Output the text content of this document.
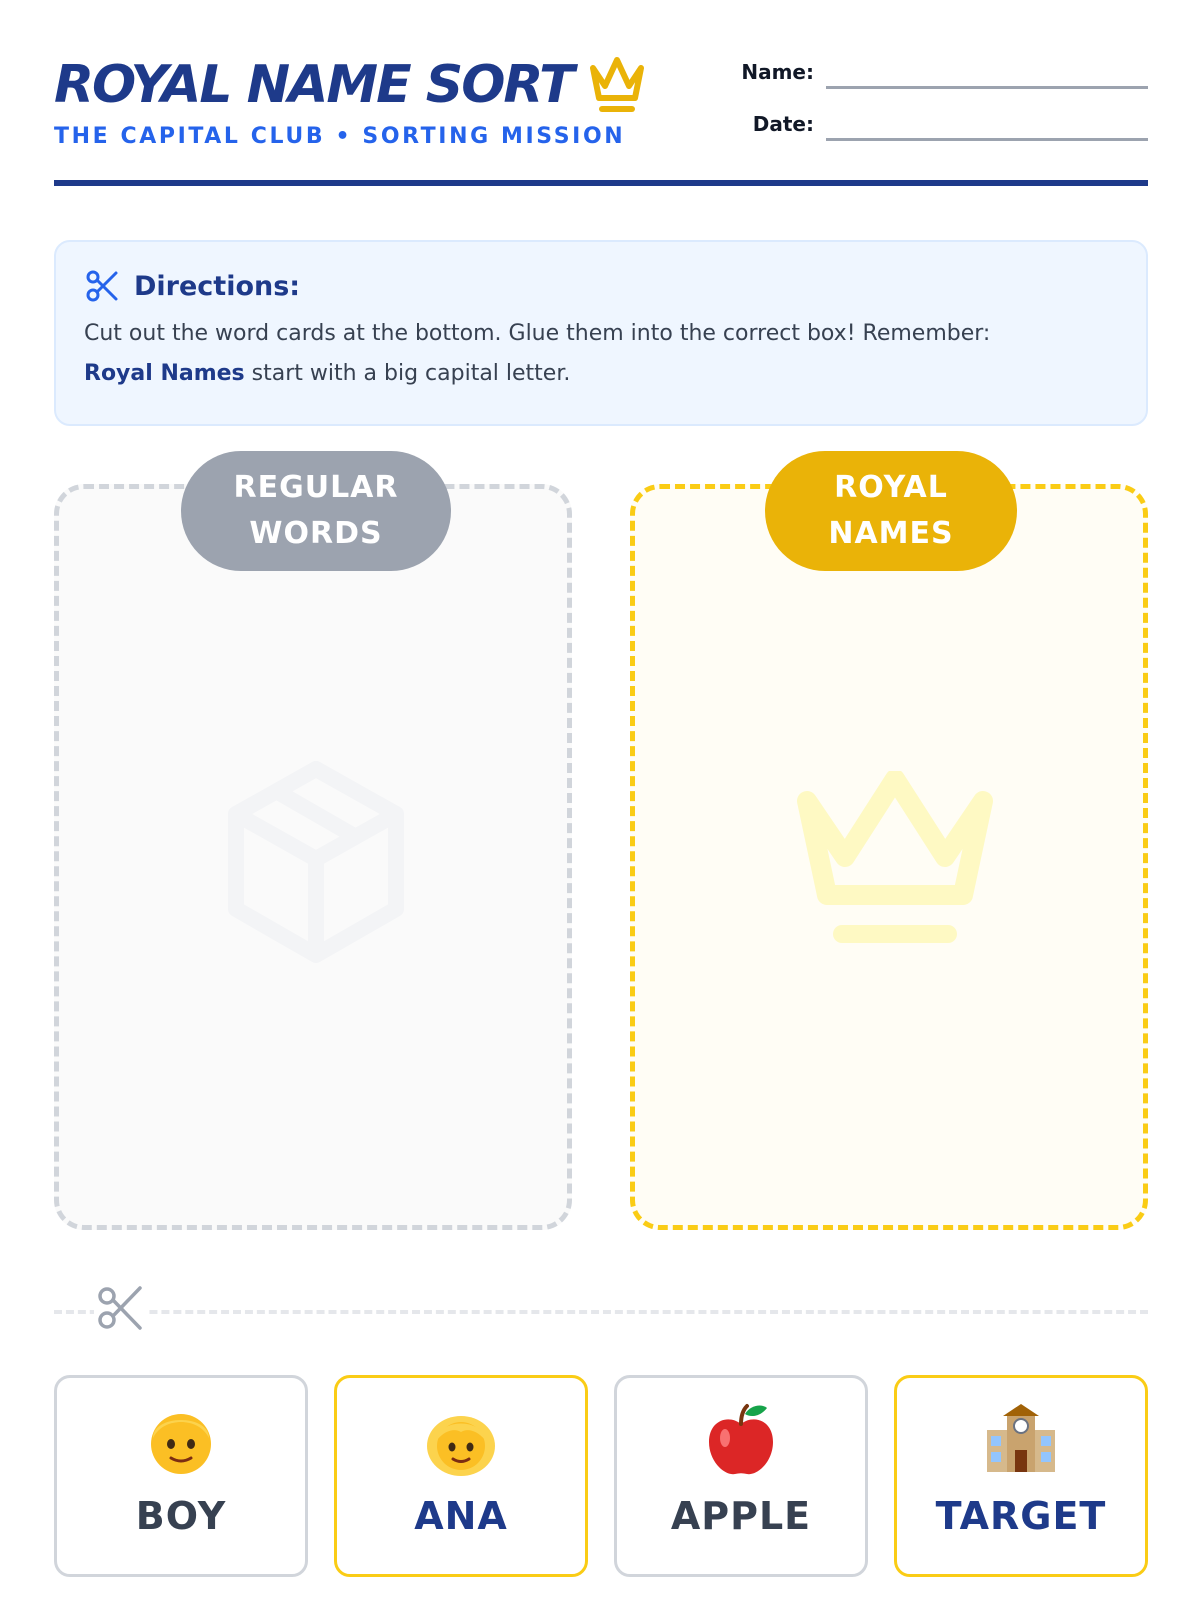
ROYAL NAME SORT
THE CAPITAL CLUB • SORTING MISSION
Name:
Date:
Directions:

Cut out the word cards at the bottom. Glue them into the correct box! Remember:
Royal Names start with a big capital letter.

REGULAR
WORDS
ROYAL
NAMES
BOY	ANA	APPLE	TARGET
